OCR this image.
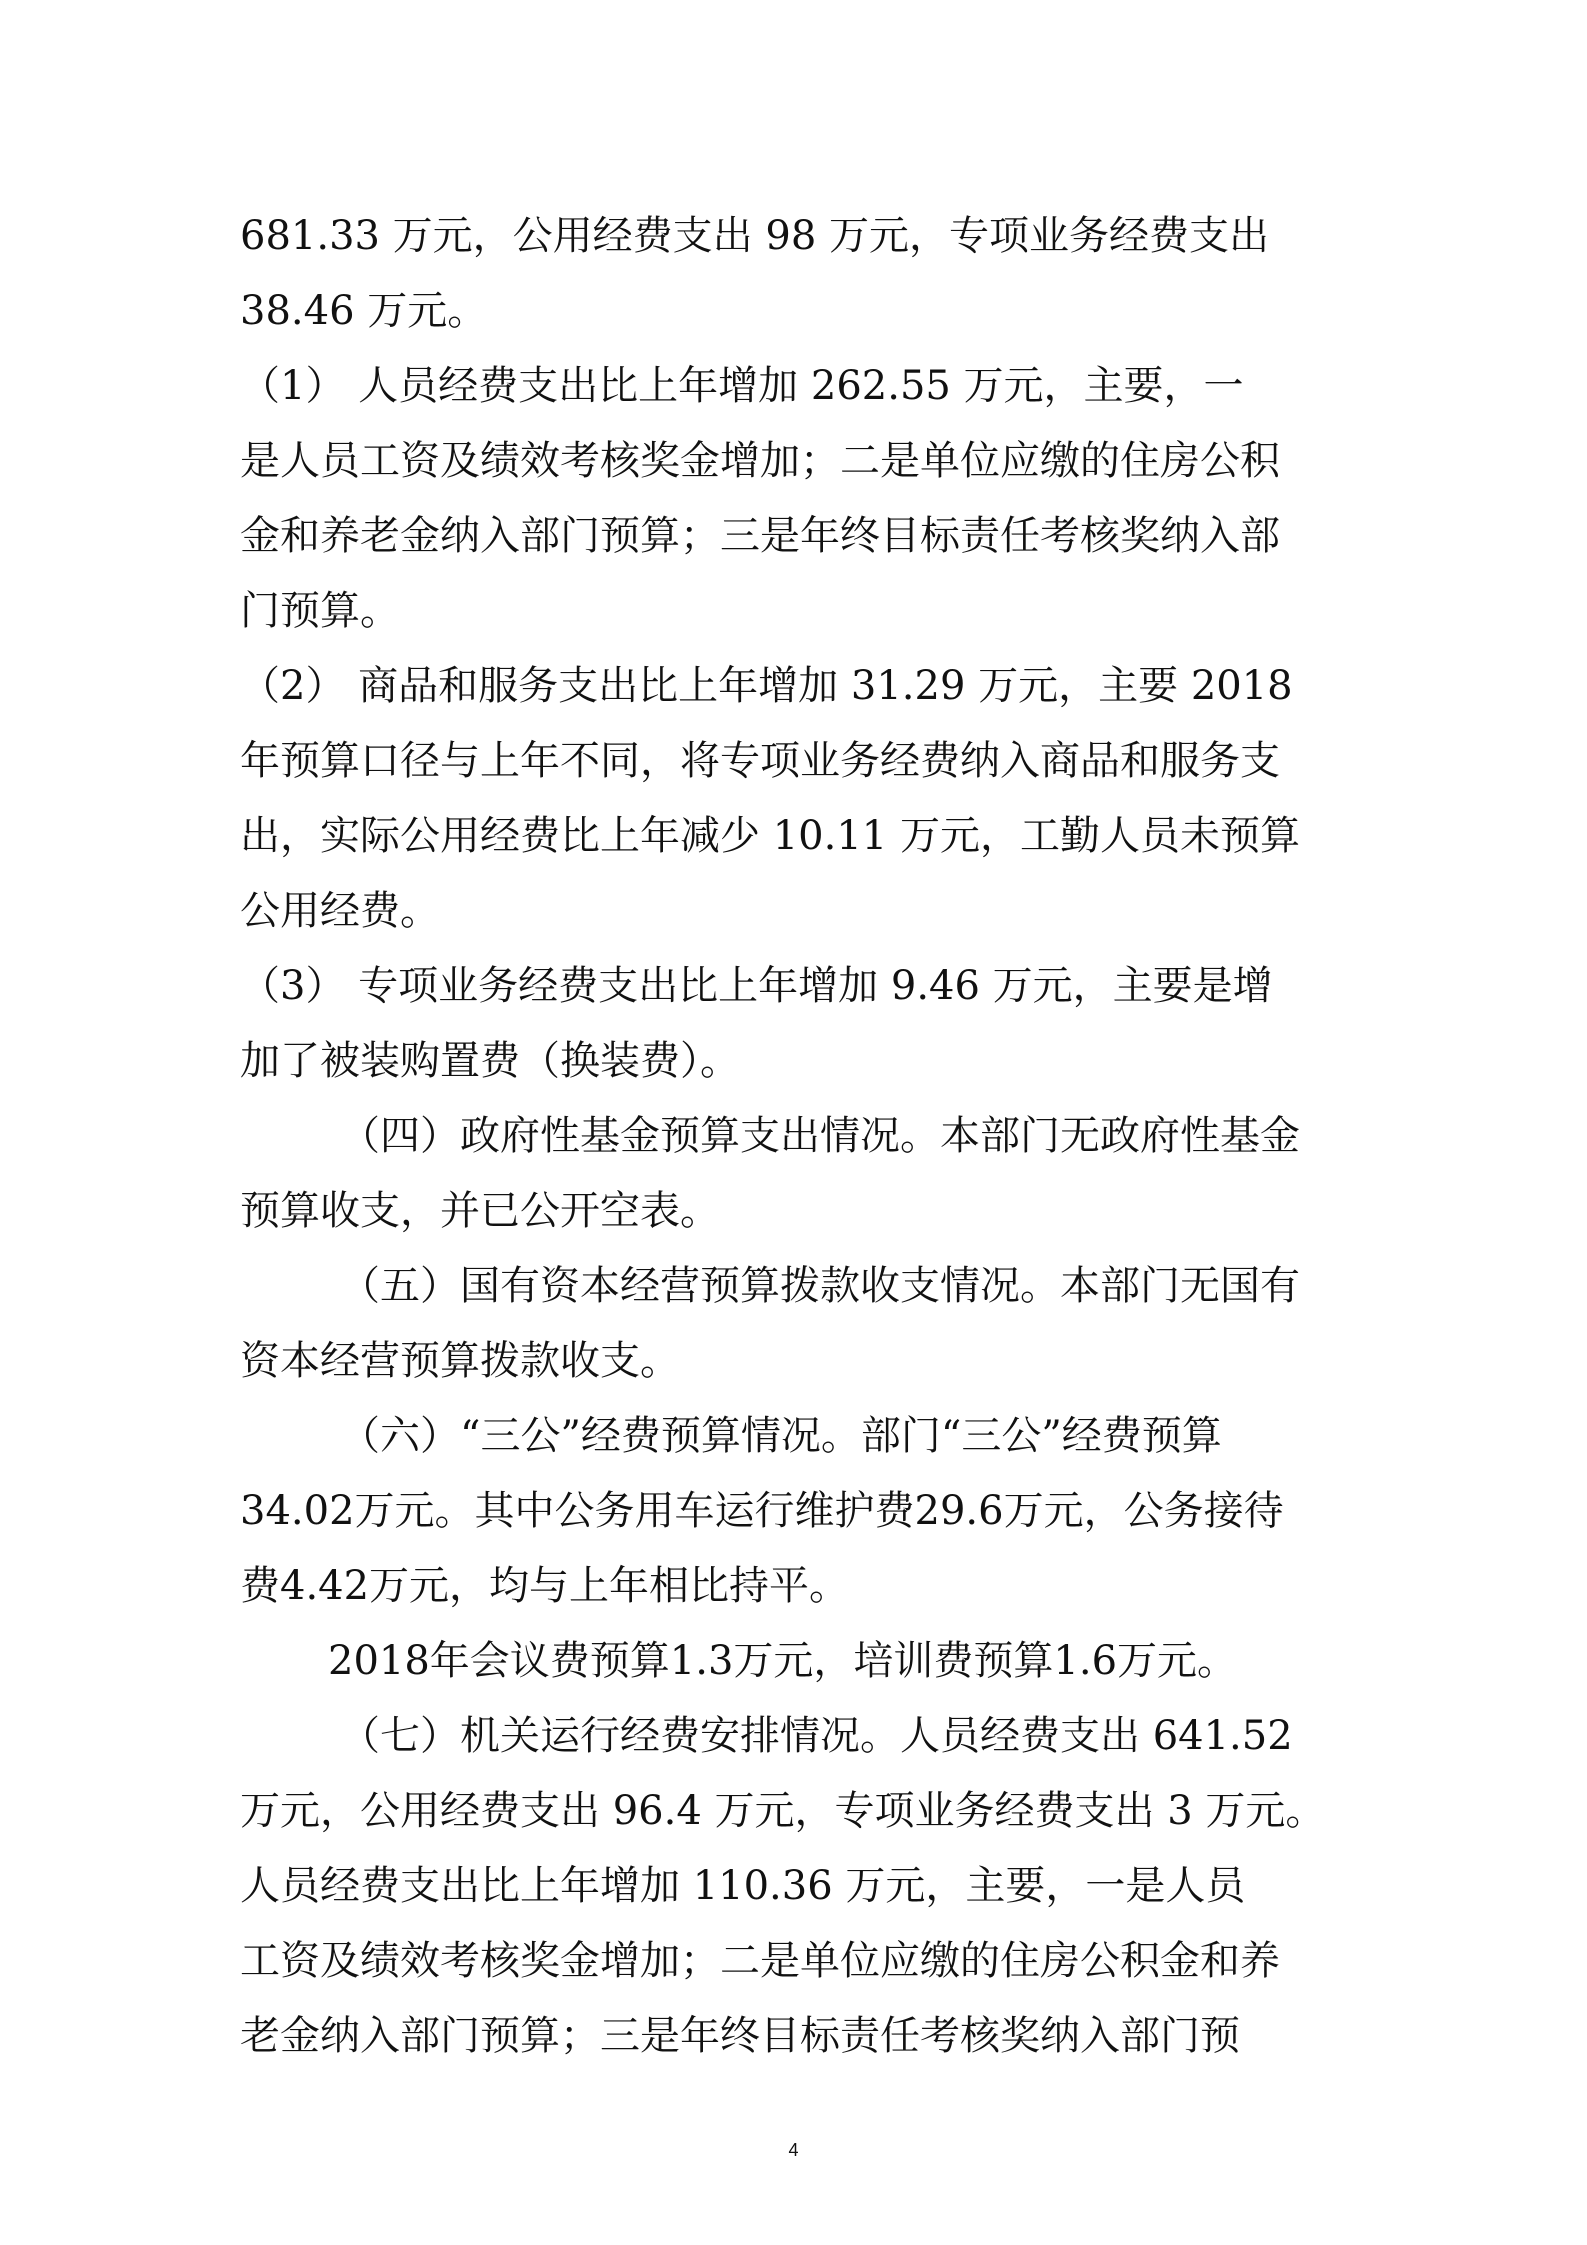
681.33 万元，公用经费支出 98 万元，专项业务经费支出
38.46 万元。
（1） 人员经费支出比上年增加 262.55 万元，主要，一
是人员工资及绩效考核奖金增加；二是单位应缴的住房公积
金和养老金纳入部门预算；三是年终目标责任考核奖纳入部
门预算。
（2） 商品和服务支出比上年增加 31.29 万元，主要 2018
年预算口径与上年不同，将专项业务经费纳入商品和服务支
出，实际公用经费比上年减少 10.11 万元，工勤人员未预算
公用经费。
（3） 专项业务经费支出比上年增加 9.46 万元，主要是增
加了被装购置费（换装费）。
（四）政府性基金预算支出情况。本部门无政府性基金
预算收支，并已公开空表。
（五）国有资本经营预算拨款收支情况。本部门无国有
资本经营预算拨款收支。
（六）“三公”经费预算情况。部门“三公”经费预算
34.02万元。其中公务用车运行维护费29.6万元，公务接待
费4.42万元，均与上年相比持平。
2018年会议费预算1.3万元，培训费预算1.6万元。
（七）机关运行经费安排情况。人员经费支出 641.52
万元，公用经费支出 96.4 万元，专项业务经费支出 3 万元。
人员经费支出比上年增加 110.36 万元，主要，一是人员
工资及绩效考核奖金增加；二是单位应缴的住房公积金和养
老金纳入部门预算；三是年终目标责任考核奖纳入部门预
4
